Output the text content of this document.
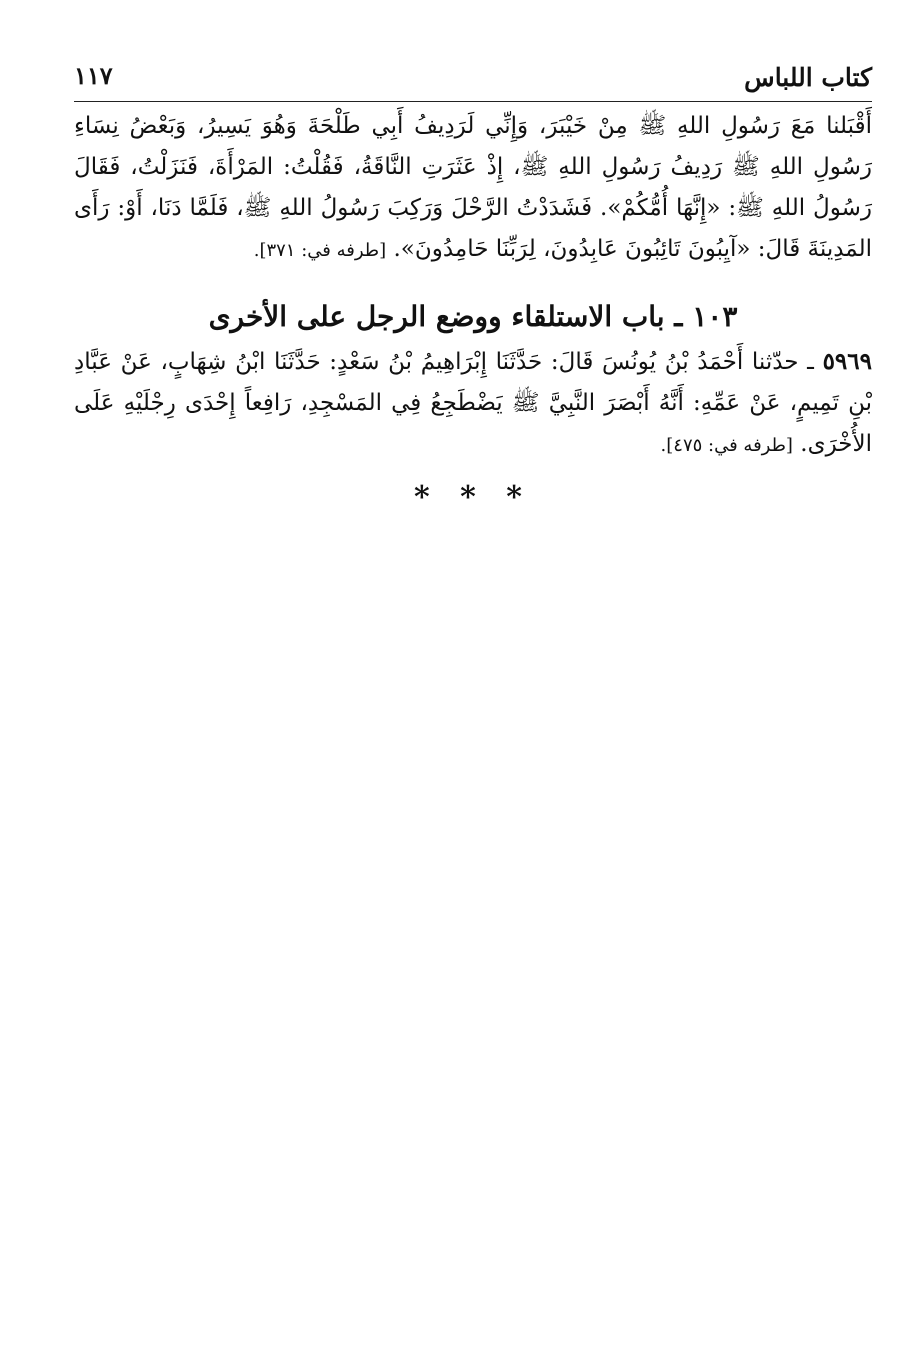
كتاب اللباس
١١٧

أَقْبَلنا مَعَ رَسُولِ اللهِ ﷺ مِنْ خَيْبَرَ، وَإِنِّي لَرَدِيفُ أَبِي طَلْحَةَ وَهُوَ يَسِيرُ، وَبَعْضُ نِسَاءِ رَسُولِ اللهِ ﷺ رَدِيفُ رَسُولِ اللهِ ﷺ، إِذْ عَثَرَتِ النَّاقَةُ، فَقُلْتُ: المَرْأَةَ، فَنَزَلْتُ، فَقَالَ رَسُولُ اللهِ ﷺ: «إِنَّهَا أُمُّكُمْ». فَشَدَدْتُ الرَّحْلَ وَرَكِبَ رَسُولُ اللهِ ﷺ، فَلَمَّا دَنَا، أَوْ: رَأَى المَدِينَةَ قَالَ: «آيِبُونَ تَائِبُونَ عَابِدُونَ، لِرَبِّنَا حَامِدُونَ». [طرفه في: ٣٧١].

١٠٣ ـ باب الاستلقاء ووضع الرجل على الأخرى

٥٩٦٩ ـ حدّثنا أَحْمَدُ بْنُ يُونُسَ قَالَ: حَدَّثَنَا إِبْرَاهِيمُ بْنُ سَعْدٍ: حَدَّثَنَا ابْنُ شِهَابٍ، عَنْ عَبَّادِ بْنِ تَمِيمٍ، عَنْ عَمِّهِ: أَنَّهُ أَبْصَرَ النَّبِيَّ ﷺ يَضْطَجِعُ فِي المَسْجِدِ، رَافِعاً إِحْدَى رِجْلَيْهِ عَلَى الأُخْرَى. [طرفه في: ٤٧٥].

* * *
